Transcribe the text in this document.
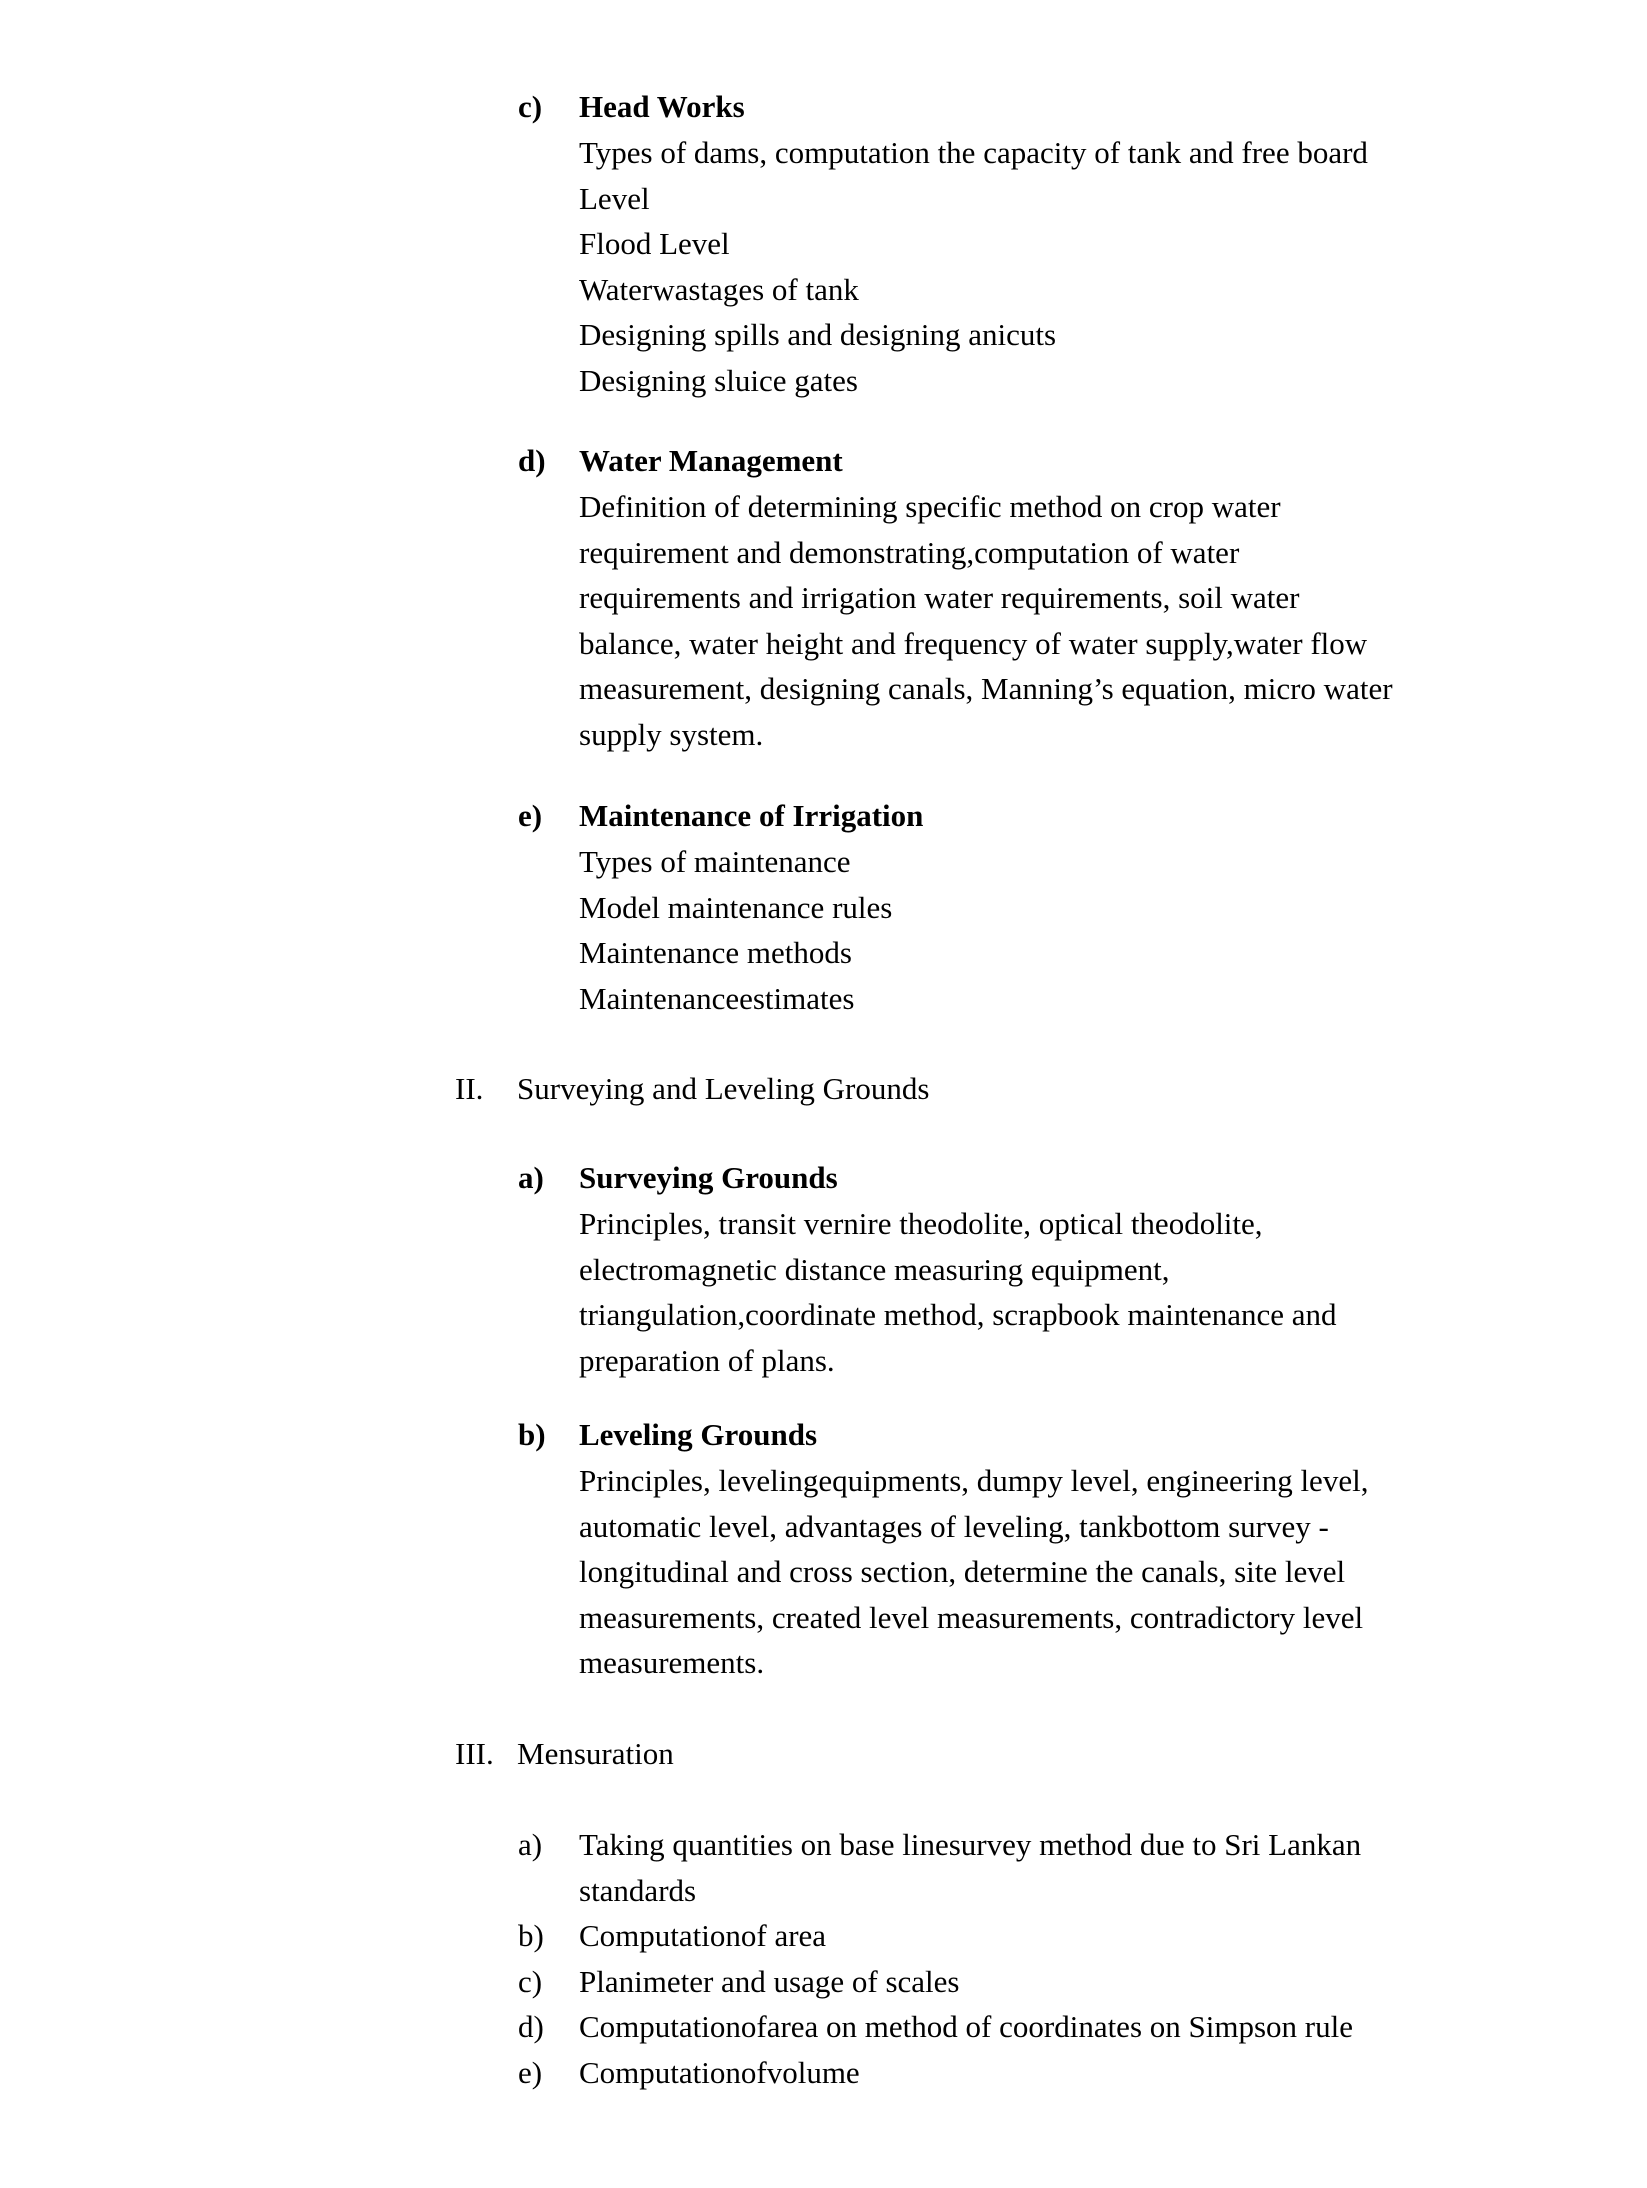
c)	Head Works

Types of dams, computation the capacity of tank and free board

Level

Flood Level

Waterwastages of tank

Designing spills and designing anicuts

Designing sluice gates

d)	Water Management

Definition of determining specific method on crop water

requirement and demonstrating,computation of water

requirements and irrigation water requirements, soil water

balance, water height and frequency of water supply,water flow

measurement, designing canals, Manning’s equation, micro water

supply system.

e)	Maintenance of Irrigation

Types of maintenance

Model maintenance rules

Maintenance methods

Maintenanceestimates

II. Surveying and Leveling Grounds
a)	Surveying Grounds

Principles, transit vernire theodolite, optical theodolite,

electromagnetic distance measuring equipment,

triangulation,coordinate method, scrapbook maintenance and

preparation of plans.

b)	Leveling Grounds

Principles, levelingequipments, dumpy level, engineering level,

automatic level, advantages of leveling, tankbottom survey -

longitudinal and cross section, determine the canals, site level

measurements, created level measurements, contradictory level

measurements.

III. Mensuration
a)	Taking quantities on base linesurvey method due to Sri Lankan
standards
b)	Computationof area
c)	Planimeter and usage of scales
d)	Computationofarea on method of coordinates on Simpson rule
e)	Computationofvolume
